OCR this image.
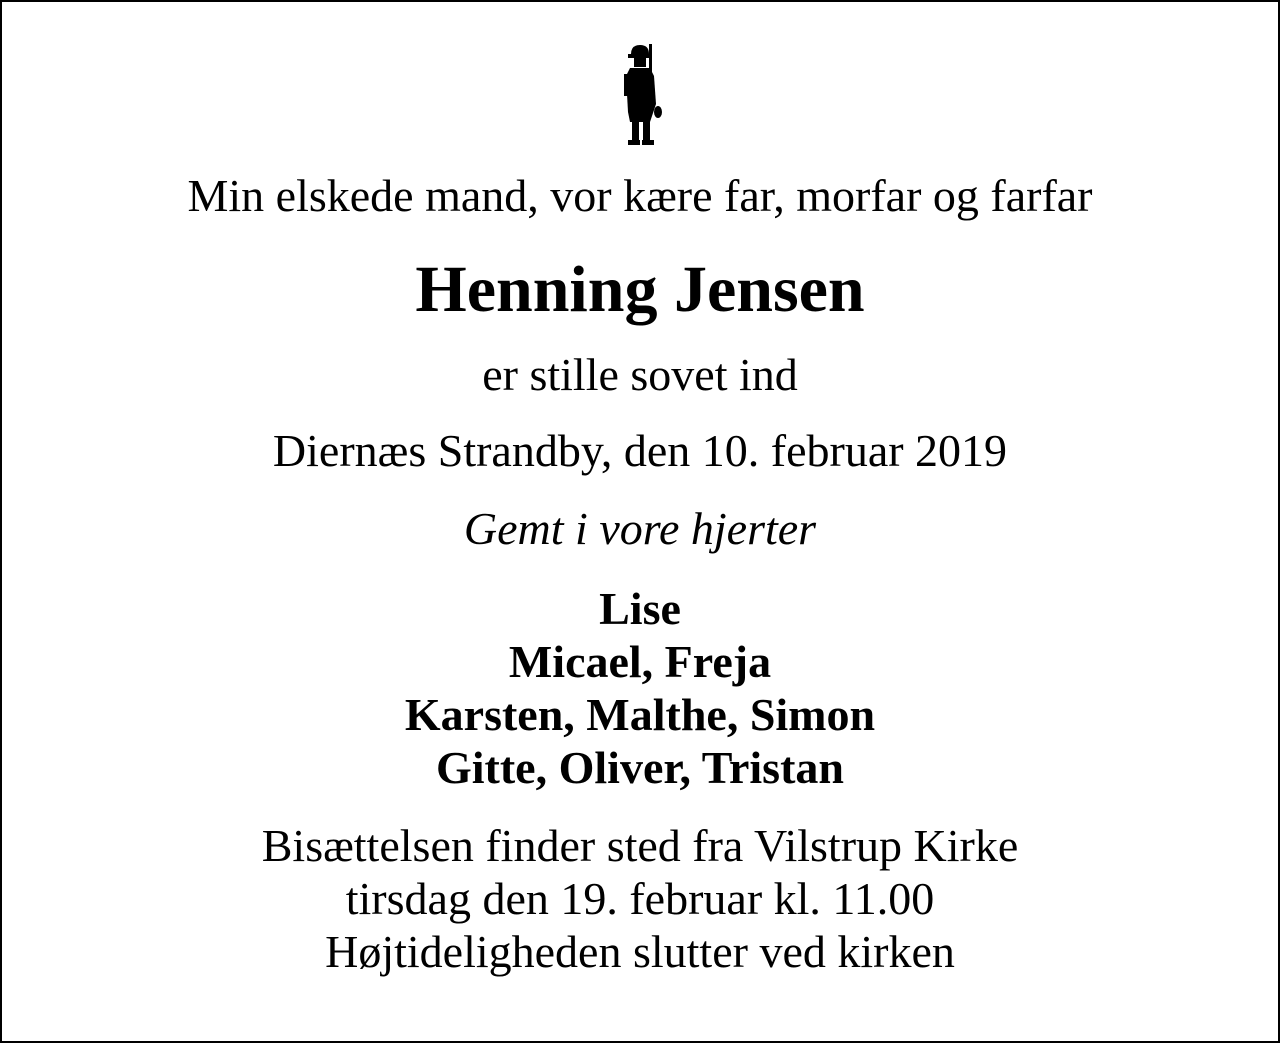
Min elskede mand, vor kære far, morfar og farfar
Henning Jensen
er stille sovet ind
Diernæs Strandby, den 10. februar 2019
Gemt i vore hjerter
Lise
Micael, Freja
Karsten, Malthe, Simon
Gitte, Oliver, Tristan
Bisættelsen finder sted fra Vilstrup Kirke
tirsdag den 19. februar kl. 11.00
Højtideligheden slutter ved kirken
